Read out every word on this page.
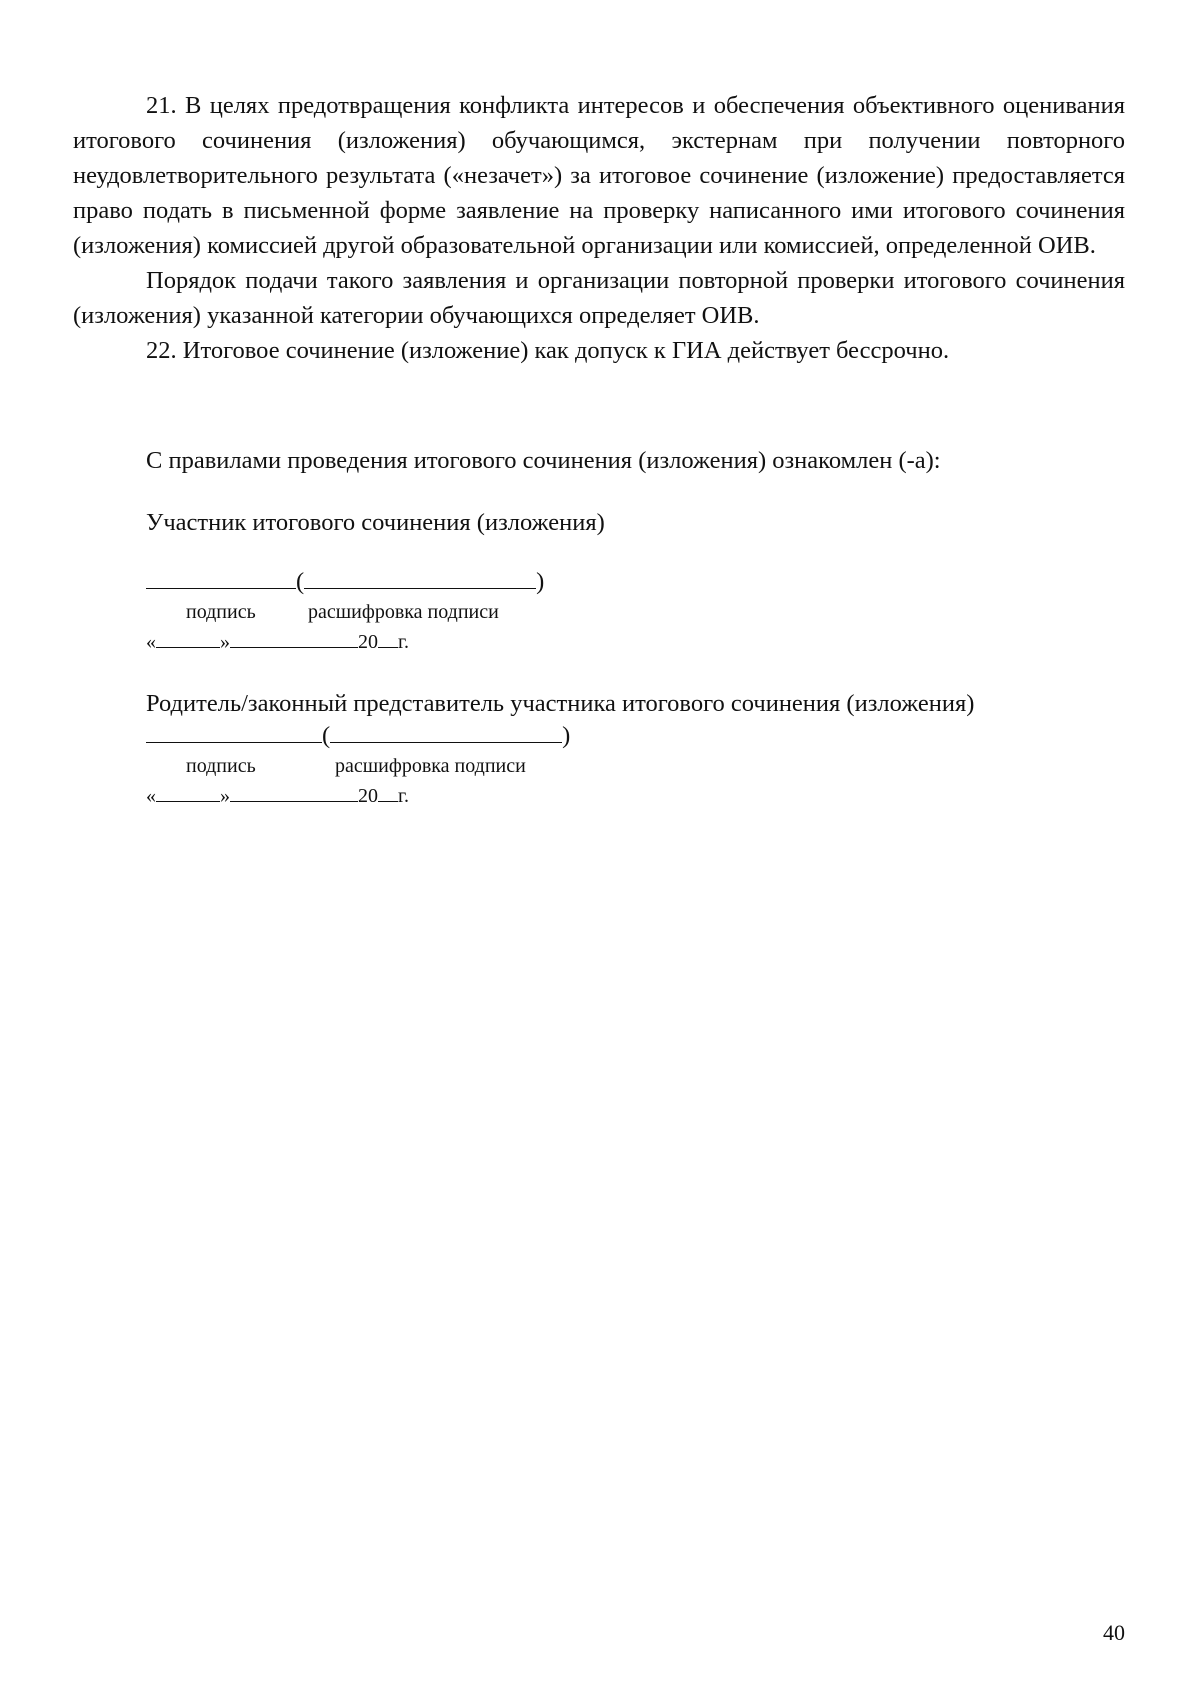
21. В целях предотвращения конфликта интересов и обеспечения объективного оценивания итогового сочинения (изложения) обучающимся, экстернам при получении повторного неудовлетворительного результата («незачет») за итоговое сочинение (изложение) предоставляется право подать в письменной форме заявление на проверку написанного ими итогового сочинения (изложения) комиссией другой образовательной организации или комиссией, определенной ОИВ.

Порядок подачи такого заявления и организации повторной проверки итогового сочинения (изложения) указанной категории обучающихся определяет ОИВ.

22. Итоговое сочинение (изложение) как допуск к ГИА действует бессрочно.

С правилами проведения итогового сочинения (изложения) ознакомлен (-а):

Участник итогового сочинения (изложения)

(	)
подпись	расшифровка подписи
«	»	20 г.

Родитель/законный представитель участника итогового сочинения (изложения)

(	)
подпись	расшифровка подписи
«	»	20 г.
40
